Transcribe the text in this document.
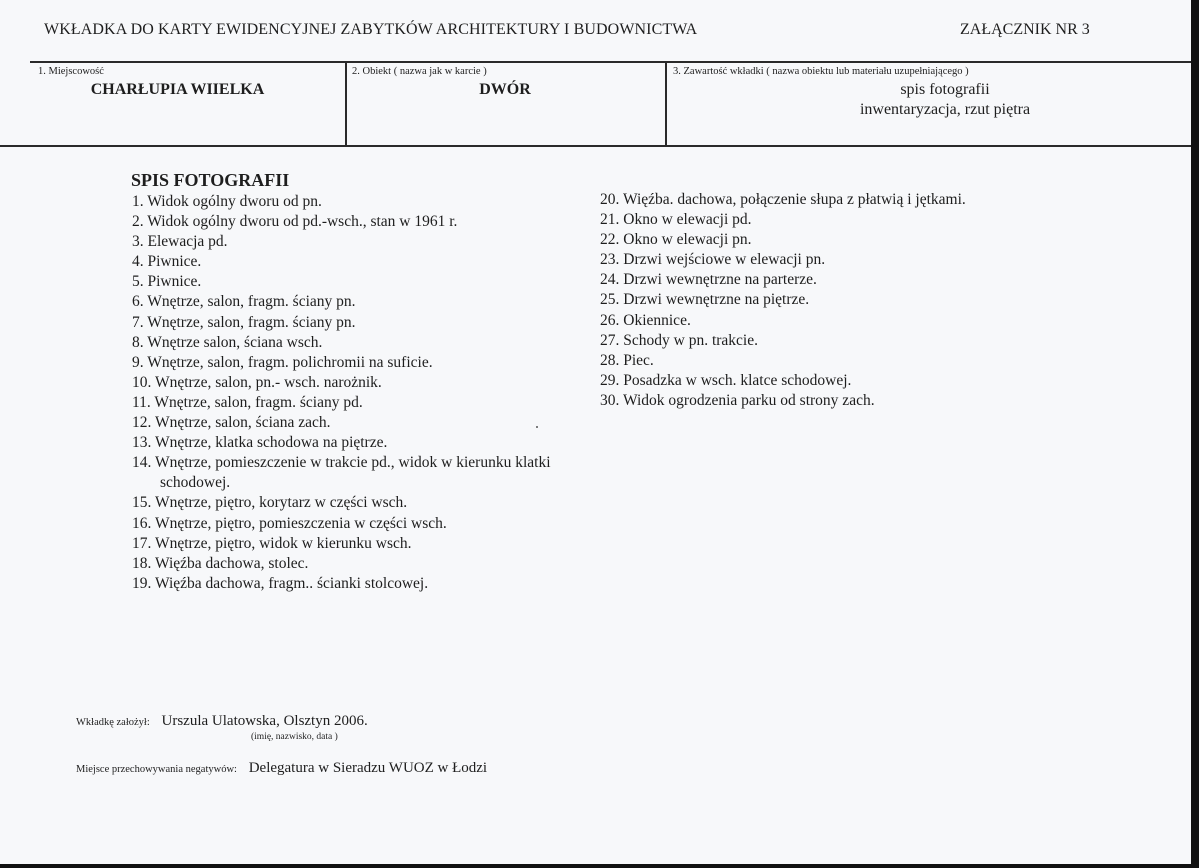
WKŁADKA DO KARTY EWIDENCYJNEJ ZABYTKÓW ARCHITEKTURY I BUDOWNICTWA	ZAŁĄCZNIK NR 3
1. Miejscowość
CHARŁUPIA WIIELKA
2. Obiekt ( nazwa jak w karcie )
DWÓR
3. Zawartość wkładki ( nazwa obiektu lub materiału uzupełniającego )
spis fotografii
inwentaryzacja, rzut piętra
SPIS FOTOGRAFII
1. Widok ogólny dworu od pn.
2. Widok ogólny dworu od pd.-wsch., stan w 1961 r.
3. Elewacja pd.
4. Piwnice.
5. Piwnice.
6. Wnętrze, salon, fragm. ściany pn.
7. Wnętrze, salon, fragm. ściany pn.
8. Wnętrze salon, ściana wsch.
9. Wnętrze, salon, fragm. polichromii na suficie.
10. Wnętrze, salon, pn.- wsch. narożnik.
11. Wnętrze, salon, fragm. ściany pd.
12. Wnętrze, salon, ściana zach.
13. Wnętrze, klatka schodowa na piętrze.
14. Wnętrze, pomieszczenie w trakcie pd., widok w kierunku klatki
schodowej.
15. Wnętrze, piętro, korytarz w części wsch.
16. Wnętrze, piętro, pomieszczenia w części wsch.
17. Wnętrze, piętro, widok w kierunku wsch.
18. Więźba dachowa, stolec.
19. Więźba dachowa, fragm.. ścianki stolcowej.
20. Więźba. dachowa, połączenie słupa z płatwią i jętkami.
21. Okno w elewacji pd.
22. Okno w elewacji pn.
23. Drzwi wejściowe w elewacji pn.
24. Drzwi wewnętrzne na parterze.
25. Drzwi wewnętrzne na piętrze.
26. Okiennice.
27. Schody w pn. trakcie.
28. Piec.
29. Posadzka w wsch. klatce schodowej.
30. Widok ogrodzenia parku od strony zach.
Wkładkę założył: Urszula Ulatowska, Olsztyn 2006.
(imię, nazwisko, data )
Miejsce przechowywania negatywów: Delegatura w Sieradzu WUOZ w Łodzi
